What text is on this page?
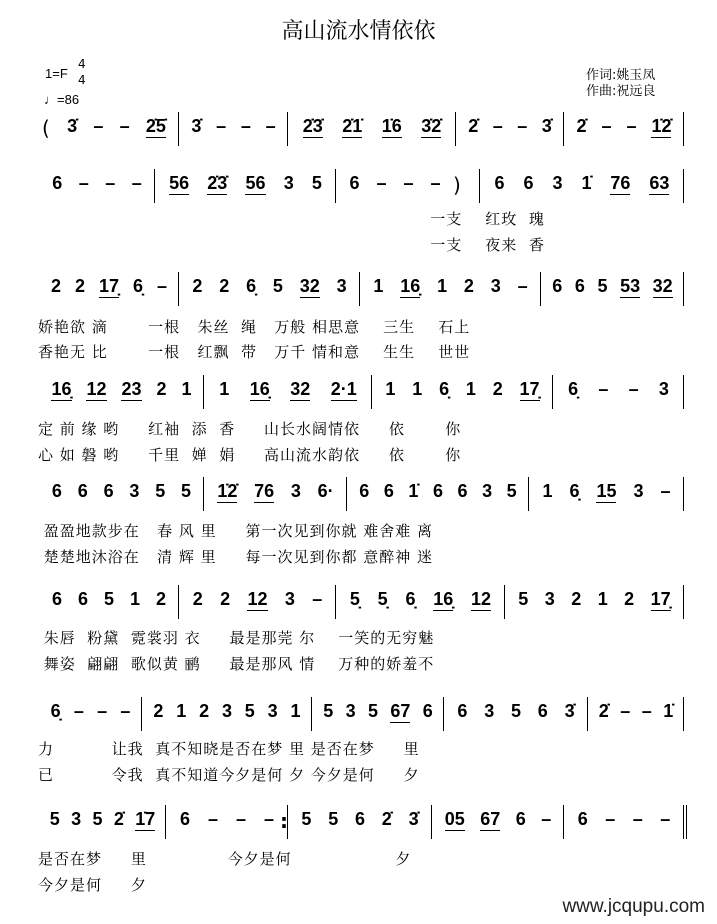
高山流水情依依
1=F
4
4
♩=86
作词:姚玉凤
作曲:祝远良
3̇ – – 2̇5̇ 3̇ – – – 2̇3̇ 2̇1̇ 1̇6 3̇2̇ 2̇ – – 3̇ 2̇ – – 1̇2̇
(
6 – – – 56 2̇3̇ 56 3 5 6 – – –	6 6 3 1̇ 76 63
)
一支    红玫  瑰
一支    夜来  香
2 2 17̣ 6̣ – 2 2 6̣ 5 32 3 1 16̣ 1 2 3 – 6 6 5 53 32
娇艳欲 滴       一根   朱丝  绳   万般 相思意    三生    石上
香艳无 比       一根   红飘  带   万千 情和意    生生    世世
16̣ 12 23 2 1 1 16̣ 32 2·1 1 1 6̣ 1 2 17̣ 6̣ – – 3
定 前 缘 哟     红袖  添  香     山长水阔情依     依       你
心 如 磐 哟     千里  婵  娟     高山流水韵依     依       你
6 6 6 3 5 5 1̇2̇ 76 3 6· 6 6 1̇ 6 6 3 5 1 6̣ 15 3 –
盈盈地款步在   春 风 里     第一次见到你就 难舍难 离
楚楚地沐浴在   清 辉 里     每一次见到你都 意醉神 迷
6 6 5 1 2 2 2 12 3 – 5̣ 5̣ 6̣ 16̣ 12 5 3 2 1 2 17̣
朱唇  粉黛  霓裳羽 衣     最是那莞 尔    一笑的无穷魅
舞姿  翩翩  歌似黄 鹂     最是那风 情    万种的娇羞不
6̣ – – – 2 1 2 3 5 3 1 5 3 5 67 6 6 3 5 6 3̇ 2̇ – – 1̇
力          让我  真不知晓是否在梦 里 是否在梦     里
已          令我  真不知道今夕是何 夕 今夕是何     夕
5 3 5 2̇ 1̇7 6 – – – 5 5 6 2̇ 3̇ 05 67 6 – 6 – – –
:
是否在梦     里              今夕是何                  夕
今夕是何     夕
www.jcqupu.com
